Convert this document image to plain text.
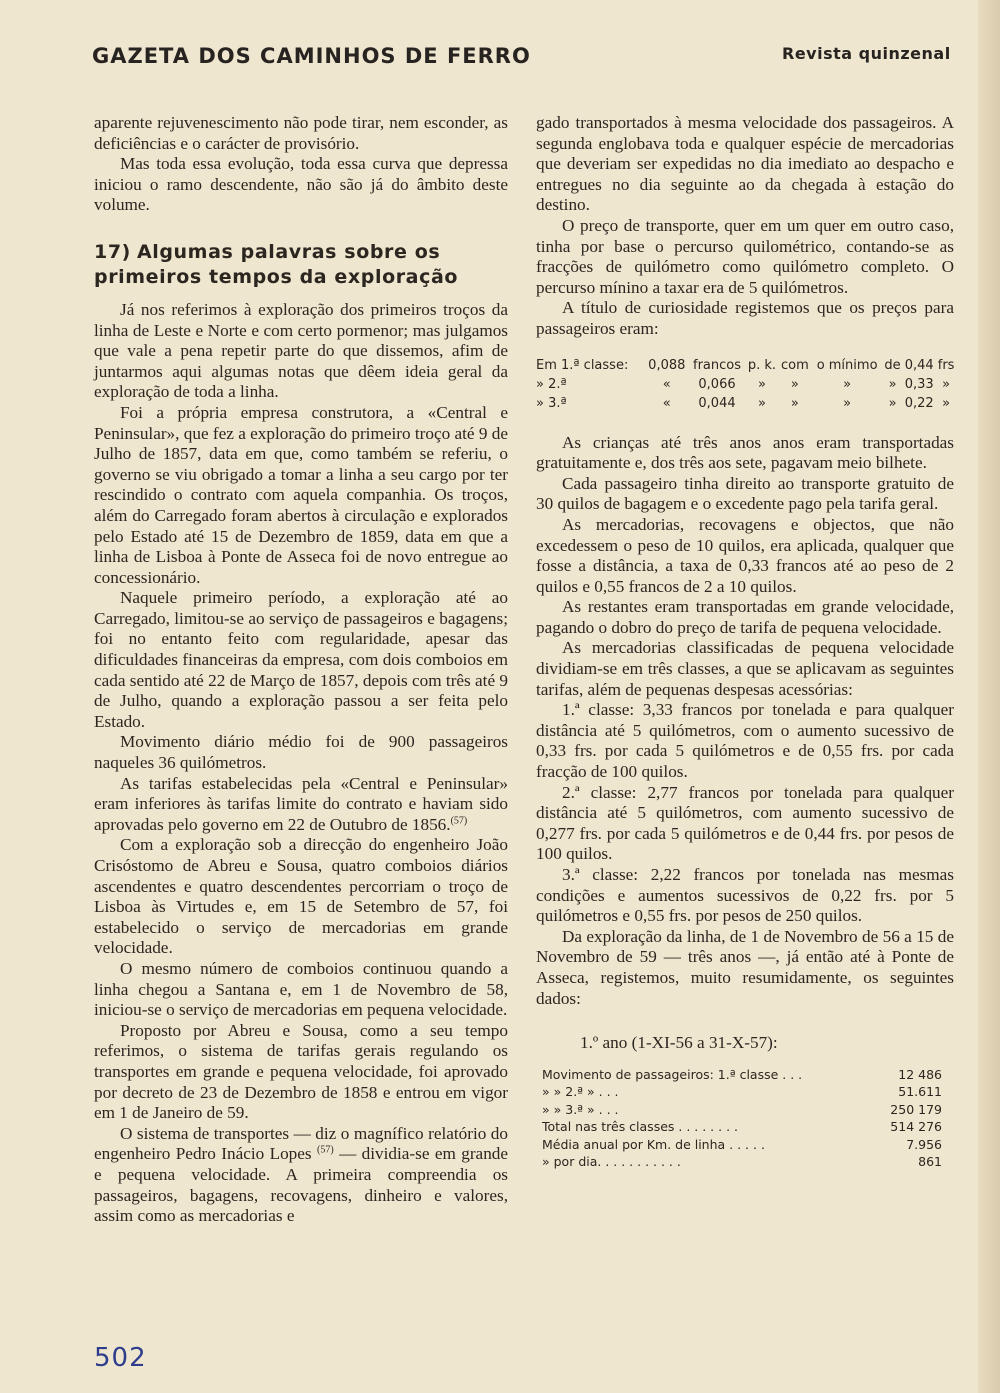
GAZETA DOS CAMINHOS DE FERRO	Revista quinzenal

aparente rejuvenescimento não pode tirar, nem esconder, as deficiências e o carácter de provisório.

Mas toda essa evolução, toda essa curva que depressa iniciou o ramo descendente, não são já do âmbito deste volume.

17) Algumas palavras sobre os primeiros tempos da exploração

Já nos referimos à exploração dos primeiros troços da linha de Leste e Norte e com certo pormenor; mas julgamos que vale a pena repetir parte do que dissemos, afim de juntarmos aqui algumas notas que dêem ideia geral da exploração de toda a linha.

Foi a própria empresa construtora, a «Central e Peninsular», que fez a exploração do primeiro troço até 9 de Julho de 1857, data em que, como também se referiu, o governo se viu obrigado a tomar a linha a seu cargo por ter rescindido o contrato com aquela companhia. Os troços, além do Carregado foram abertos à circulação e explorados pelo Estado até 15 de Dezembro de 1859, data em que a linha de Lisboa à Ponte de Asseca foi de novo entregue ao concessionário.

Naquele primeiro período, a exploração até ao Carregado, limitou-se ao serviço de passageiros e bagagens; foi no entanto feito com regularidade, apesar das dificuldades financeiras da empresa, com dois comboios em cada sentido até 22 de Março de 1857, depois com três até 9 de Julho, quando a exploração passou a ser feita pelo Estado.

Movimento diário médio foi de 900 passageiros naqueles 36 quilómetros.

As tarifas estabelecidas pela «Central e Peninsular» eram inferiores às tarifas limite do contrato e haviam sido aprovadas pelo governo em 22 de Outubro de 1856.$^{(57)}$

Com a exploração sob a direcção do engenheiro João Crisóstomo de Abreu e Sousa, quatro comboios diários ascendentes e quatro descendentes percorriam o troço de Lisboa às Virtudes e, em 15 de Setembro de 57, foi estabelecido o serviço de mercadorias em grande velocidade.

O mesmo número de comboios continuou quando a linha chegou a Santana e, em 1 de Novembro de 58, iniciou-se o serviço de mercadorias em pequena velocidade.

Proposto por Abreu e Sousa, como a seu tempo referimos, o sistema de tarifas gerais regulando os transportes em grande e pequena velocidade, foi aprovado por decreto de 23 de Dezembro de 1858 e entrou em vigor em 1 de Janeiro de 59.

O sistema de transportes — diz o magnífico relatório do engenheiro Pedro Inácio Lopes $^{(57)}$ — dividia-se em grande e pequena velocidade. A primeira compreendia os passageiros, bagagens, recovagens, dinheiro e valores, assim como as mercadorias e

gado transportados à mesma velocidade dos passageiros. A segunda englobava toda e qualquer espécie de mercadorias que deveriam ser expedidas no dia imediato ao despacho e entregues no dia seguinte ao da chegada à estação do destino.

O preço de transporte, quer em um quer em outro caso, tinha por base o percurso quilométrico, contando-se as fracções de quilómetro como quilómetro completo. O percurso mínino a taxar era de 5 quilómetros.

A título de curiosidade registemos que os preços para passageiros eram:

Em 1.ª classe:	0,088	francos	p. k.	com	o mínimo	de	0,44	frs
» 2.ª	«	0,066	»	»	»	»	0,33	»
» 3.ª	«	0,044	»	»	»	»	0,22	»

As crianças até três anos anos eram transportadas gratuitamente e, dos três aos sete, pagavam meio bilhete.

Cada passageiro tinha direito ao transporte gratuito de 30 quilos de bagagem e o excedente pago pela tarifa geral.

As mercadorias, recovagens e objectos, que não excedessem o peso de 10 quilos, era aplicada, qualquer que fosse a distância, a taxa de 0,33 francos até ao peso de 2 quilos e 0,55 francos de 2 a 10 quilos.

As restantes eram transportadas em grande velocidade, pagando o dobro do preço de tarifa de pequena velocidade.

As mercadorias classificadas de pequena velocidade dividiam-se em três classes, a que se aplicavam as seguintes tarifas, além de pequenas despesas acessórias:

1.ª classe: 3,33 francos por tonelada e para qualquer distância até 5 quilómetros, com o aumento sucessivo de 0,33 frs. por cada 5 quilómetros e de 0,55 frs. por cada fracção de 100 quilos.

2.ª classe: 2,77 francos por tonelada para qualquer distância até 5 quilómetros, com aumento sucessivo de 0,277 frs. por cada 5 quilómetros e de 0,44 frs. por pesos de 100 quilos.

3.ª classe: 2,22 francos por tonelada nas mesmas condições e aumentos sucessivos de 0,22 frs. por 5 quilómetros e 0,55 frs. por pesos de 250 quilos.

Da exploração da linha, de 1 de Novembro de 56 a 15 de Novembro de 59 — três anos —, já então até à Ponte de Asseca, registemos, muito resumidamente, os seguintes dados:

1.º ano (1-XI-56 a 31-X-57):
Movimento de passageiros: 1.ª classe . . .	12 486
» » 2.ª » . . .	51.611
» » 3.ª » . . .	250 179
Total nas três classes . . . . . . . .	514 276
Média anual por Km. de linha . . . . .	7.956
» por dia. . . . . . . . . . .	861
502
